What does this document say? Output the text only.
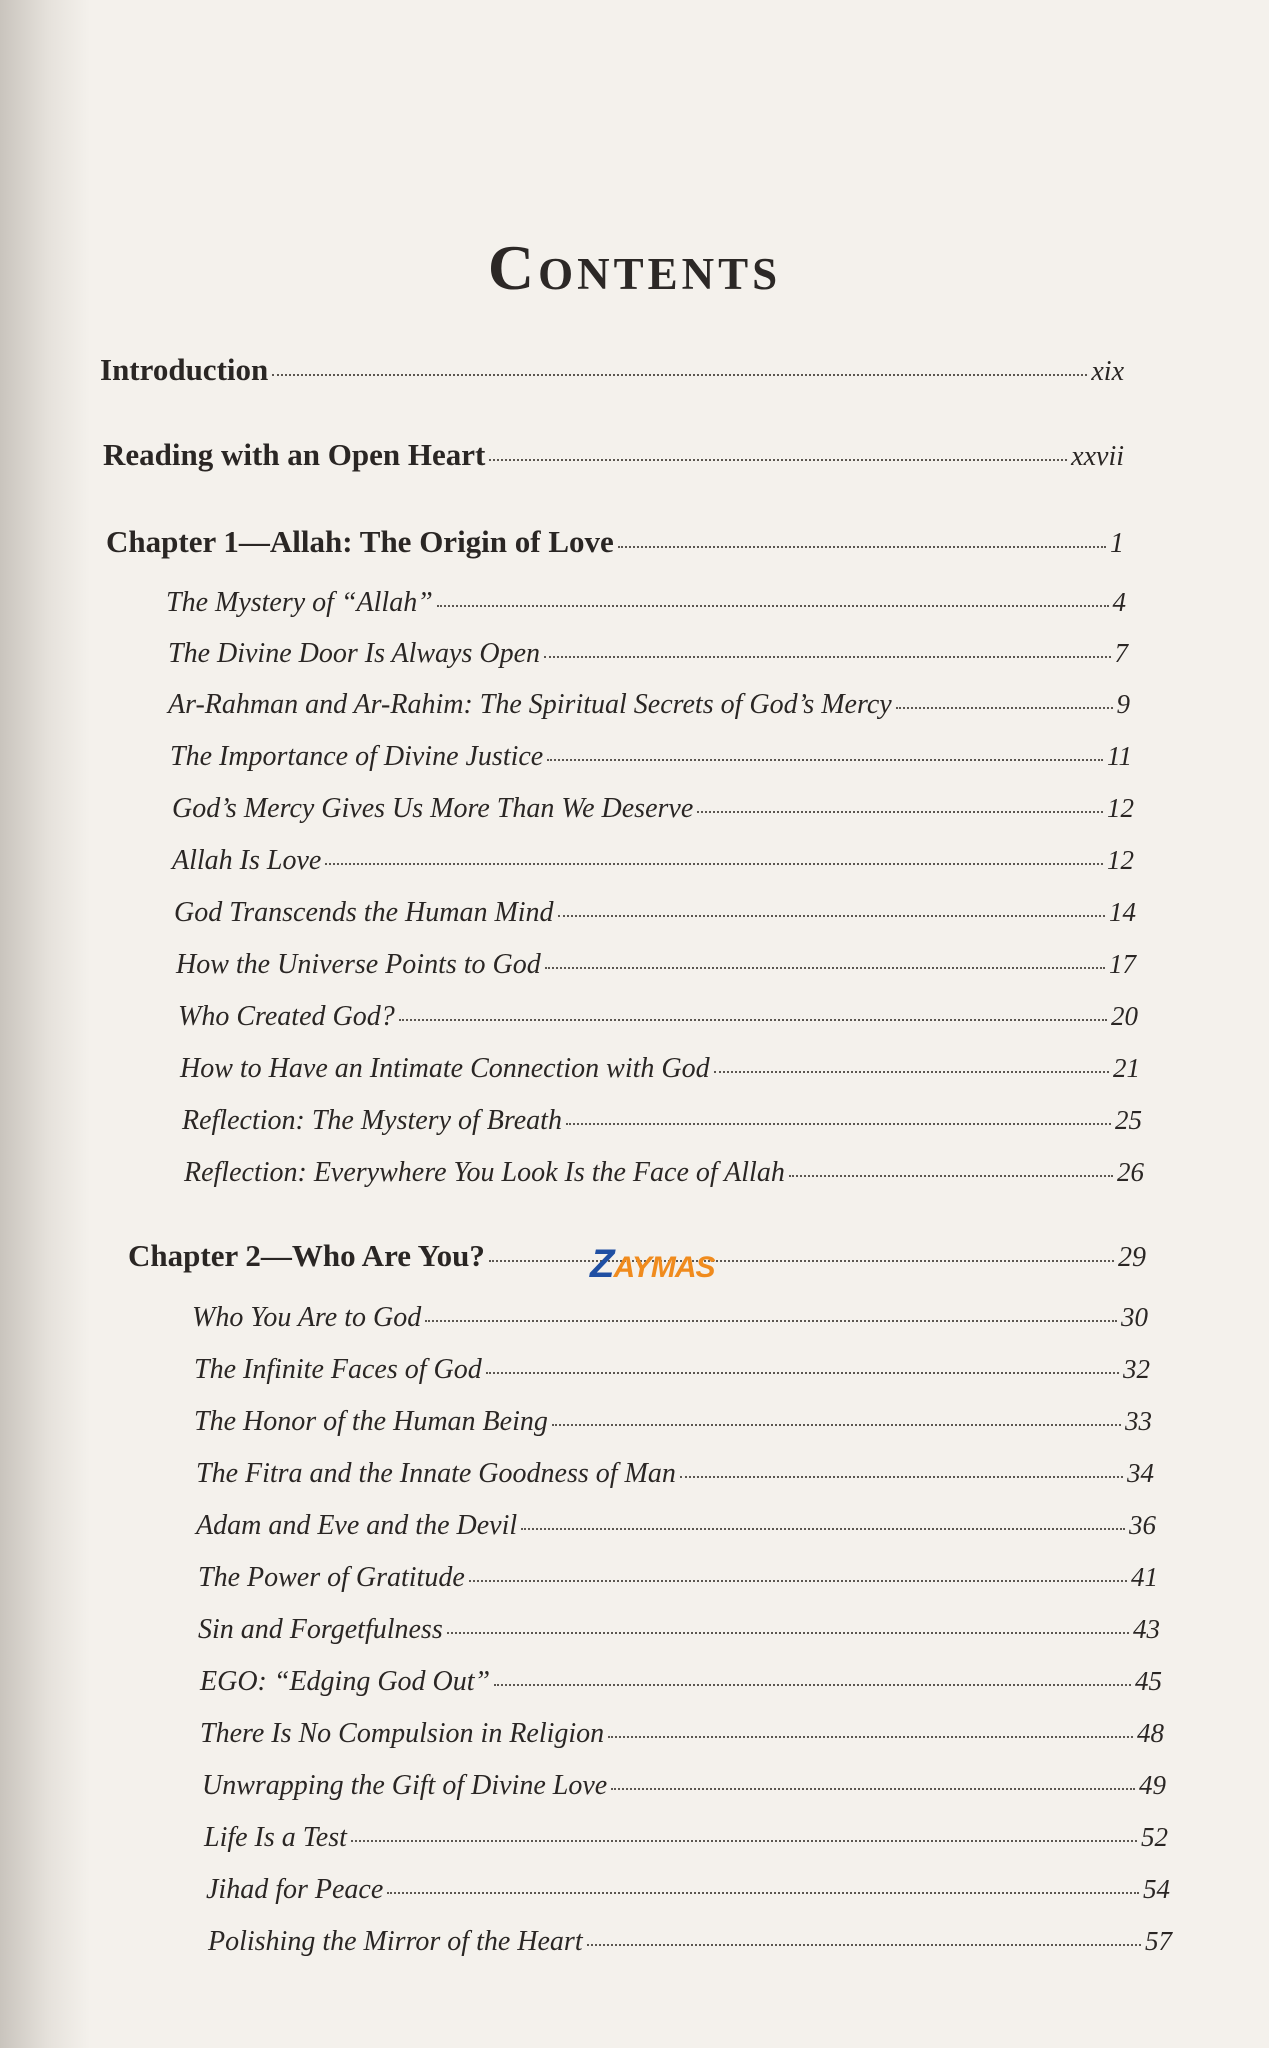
Contents
Introduction	xix
Reading with an Open Heart	xxvii
Chapter 1—Allah: The Origin of Love	1
The Mystery of “Allah”	4
The Divine Door Is Always Open	7
Ar-Rahman and Ar-Rahim: The Spiritual Secrets of God’s Mercy	9
The Importance of Divine Justice	11
God’s Mercy Gives Us More Than We Deserve	12
Allah Is Love	12
God Transcends the Human Mind	14
How the Universe Points to God	17
Who Created God?	20
How to Have an Intimate Connection with God	21
Reflection: The Mystery of Breath	25
Reflection: Everywhere You Look Is the Face of Allah	26
Chapter 2—Who Are You?	29
Who You Are to God	30
The Infinite Faces of God	32
The Honor of the Human Being	33
The Fitra and the Innate Goodness of Man	34
Adam and Eve and the Devil	36
The Power of Gratitude	41
Sin and Forgetfulness	43
EGO: “Edging God Out”	45
There Is No Compulsion in Religion	48
Unwrapping the Gift of Divine Love	49
Life Is a Test	52
Jihad for Peace	54
Polishing the Mirror of the Heart	57
ZAYMAS
